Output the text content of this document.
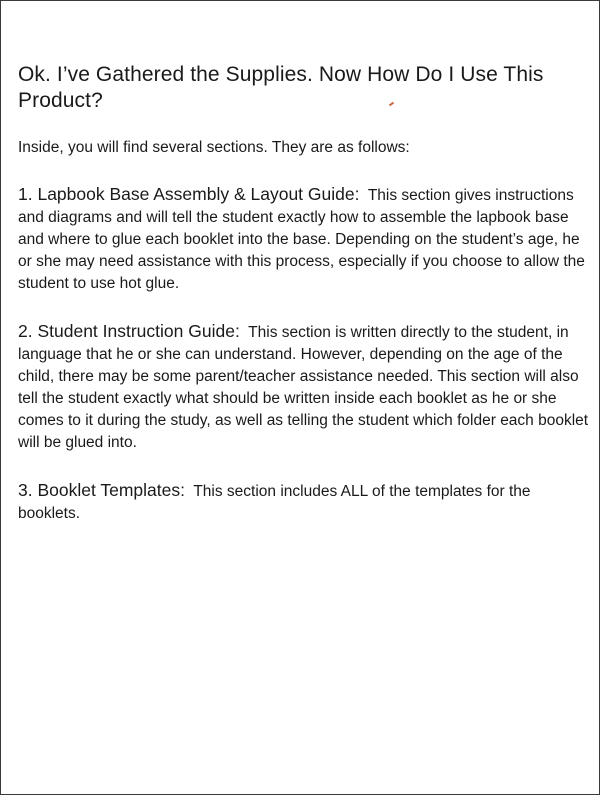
Ok. I’ve Gathered the Supplies. Now How Do I Use This Product?

Inside, you will find several sections. They are as follows:

1. Lapbook Base Assembly & Layout Guide: This section gives instructions and diagrams and will tell the student exactly how to assemble the lapbook base and where to glue each booklet into the base. Depending on the student’s age, he or she may need assistance with this process, especially if you choose to allow the student to use hot glue.

2. Student Instruction Guide: This section is written directly to the student, in language that he or she can understand. However, depending on the age of the child, there may be some parent/teacher assistance needed. This section will also tell the student exactly what should be written inside each booklet as he or she comes to it during the study, as well as telling the student which folder each booklet will be glued into.

3. Booklet Templates: This section includes ALL of the templates for the booklets.
